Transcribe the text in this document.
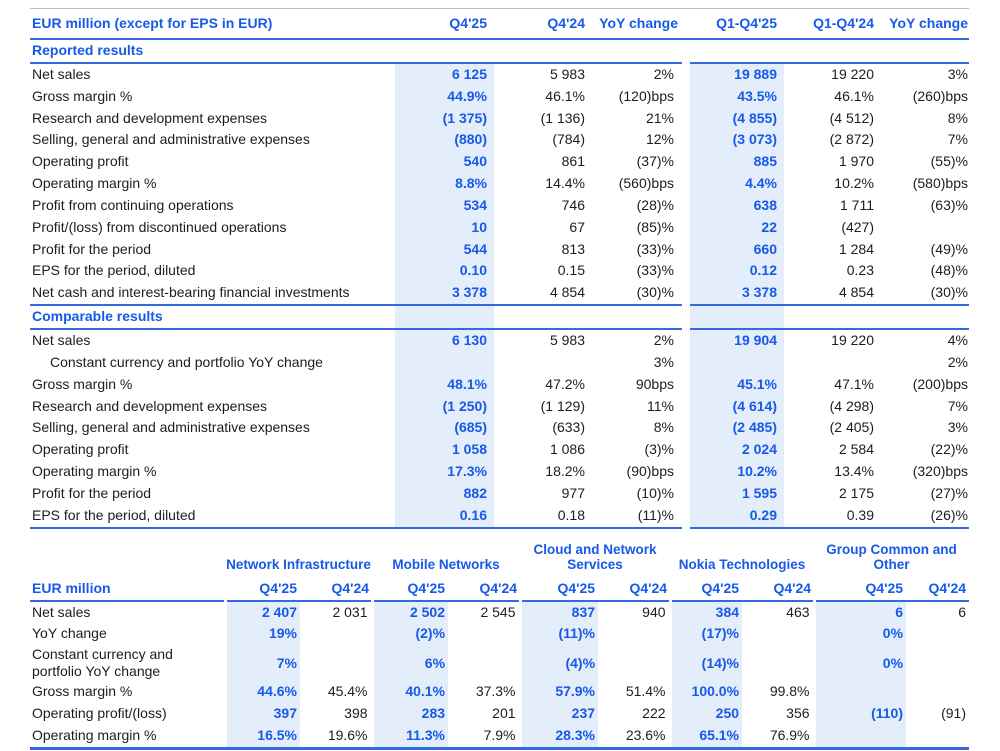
EUR million (except for EPS in EUR)	Q4'25	Q4'24	YoY change	Q1-Q4'25	Q1-Q4'24	YoY change
Reported results						
Net sales	6 125	5 983	2%	19 889	19 220	3%
Gross margin %	44.9%	46.1%	(120)bps	43.5%	46.1%	(260)bps
Research and development expenses	(1 375)	(1 136)	21%	(4 855)	(4 512)	8%
Selling, general and administrative expenses	(880)	(784)	12%	(3 073)	(2 872)	7%
Operating profit	540	861	(37)%	885	1 970	(55)%
Operating margin %	8.8%	14.4%	(560)bps	4.4%	10.2%	(580)bps
Profit from continuing operations	534	746	(28)%	638	1 711	(63)%
Profit/(loss) from discontinued operations	10	67	(85)%	22	(427)	
Profit for the period	544	813	(33)%	660	1 284	(49)%
EPS for the period, diluted	0.10	0.15	(33)%	0.12	0.23	(48)%
Net cash and interest-bearing financial investments	3 378	4 854	(30)%	3 378	4 854	(30)%
Comparable results						
Net sales	6 130	5 983	2%	19 904	19 220	4%
Constant currency and portfolio YoY change			3%			2%
Gross margin %	48.1%	47.2%	90bps	45.1%	47.1%	(200)bps
Research and development expenses	(1 250)	(1 129)	11%	(4 614)	(4 298)	7%
Selling, general and administrative expenses	(685)	(633)	8%	(2 485)	(2 405)	3%
Operating profit	1 058	1 086	(3)%	2 024	2 584	(22)%
Operating margin %	17.3%	18.2%	(90)bps	10.2%	13.4%	(320)bps
Profit for the period	882	977	(10)%	1 595	2 175	(27)%
EPS for the period, diluted	0.16	0.18	(11)%	0.29	0.39	(26)%
	Network Infrastructure		Mobile Networks		Cloud and Network Services		Nokia Technologies		Group Common and Other	
EUR million	Q4'25	Q4'24	Q4'25	Q4'24	Q4'25	Q4'24	Q4'25	Q4'24	Q4'25	Q4'24
Net sales	2 407	2 031	2 502	2 545	837	940	384	463	6	6
YoY change	19%		(2)%		(11)%		(17)%		0%	
Constant currency and portfolio YoY change	7%		6%		(4)%		(14)%		0%	
Gross margin %	44.6%	45.4%	40.1%	37.3%	57.9%	51.4%	100.0%	99.8%		
Operating profit/(loss)	397	398	283	201	237	222	250	356	(110)	(91)
Operating margin %	16.5%	19.6%	11.3%	7.9%	28.3%	23.6%	65.1%	76.9%		
